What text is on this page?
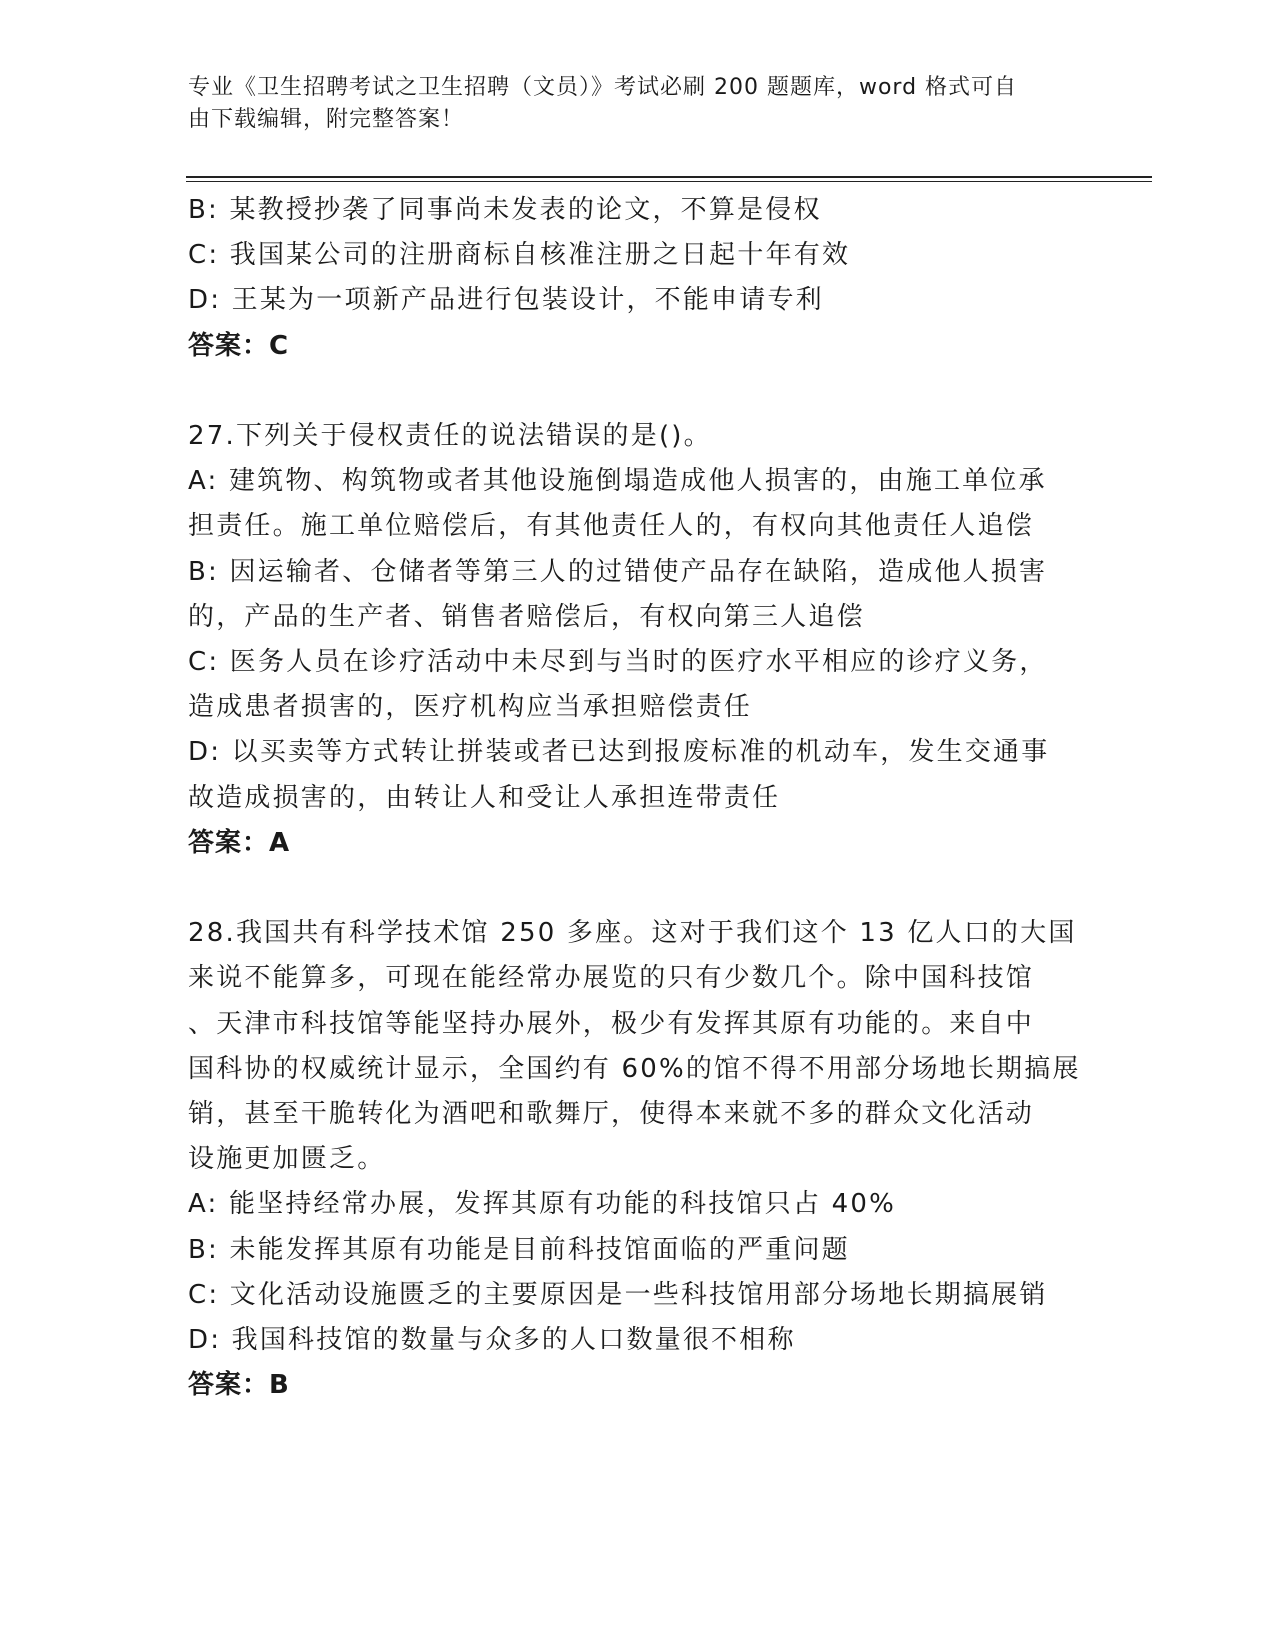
专业《卫生招聘考试之卫生招聘（文员）》考试必刷 200 题题库，word 格式可自
由下载编辑，附完整答案！
B: 某教授抄袭了同事尚未发表的论文，不算是侵权
C: 我国某公司的注册商标自核准注册之日起十年有效
D: 王某为一项新产品进行包装设计，不能申请专利
答案：C
27.下列关于侵权责任的说法错误的是()。
A: 建筑物、构筑物或者其他设施倒塌造成他人损害的，由施工单位承
担责任。施工单位赔偿后，有其他责任人的，有权向其他责任人追偿
B: 因运输者、仓储者等第三人的过错使产品存在缺陷，造成他人损害
的，产品的生产者、销售者赔偿后，有权向第三人追偿
C: 医务人员在诊疗活动中未尽到与当时的医疗水平相应的诊疗义务，
造成患者损害的，医疗机构应当承担赔偿责任
D: 以买卖等方式转让拼装或者已达到报废标准的机动车，发生交通事
故造成损害的，由转让人和受让人承担连带责任
答案：A
28.我国共有科学技术馆 250 多座。这对于我们这个 13 亿人口的大国
来说不能算多，可现在能经常办展览的只有少数几个。除中国科技馆
、天津市科技馆等能坚持办展外，极少有发挥其原有功能的。来自中
国科协的权威统计显示，全国约有 60%的馆不得不用部分场地长期搞展
销，甚至干脆转化为酒吧和歌舞厅，使得本来就不多的群众文化活动
设施更加匮乏。
A: 能坚持经常办展，发挥其原有功能的科技馆只占 40%
B: 未能发挥其原有功能是目前科技馆面临的严重问题
C: 文化活动设施匮乏的主要原因是一些科技馆用部分场地长期搞展销
D: 我国科技馆的数量与众多的人口数量很不相称
答案：B
